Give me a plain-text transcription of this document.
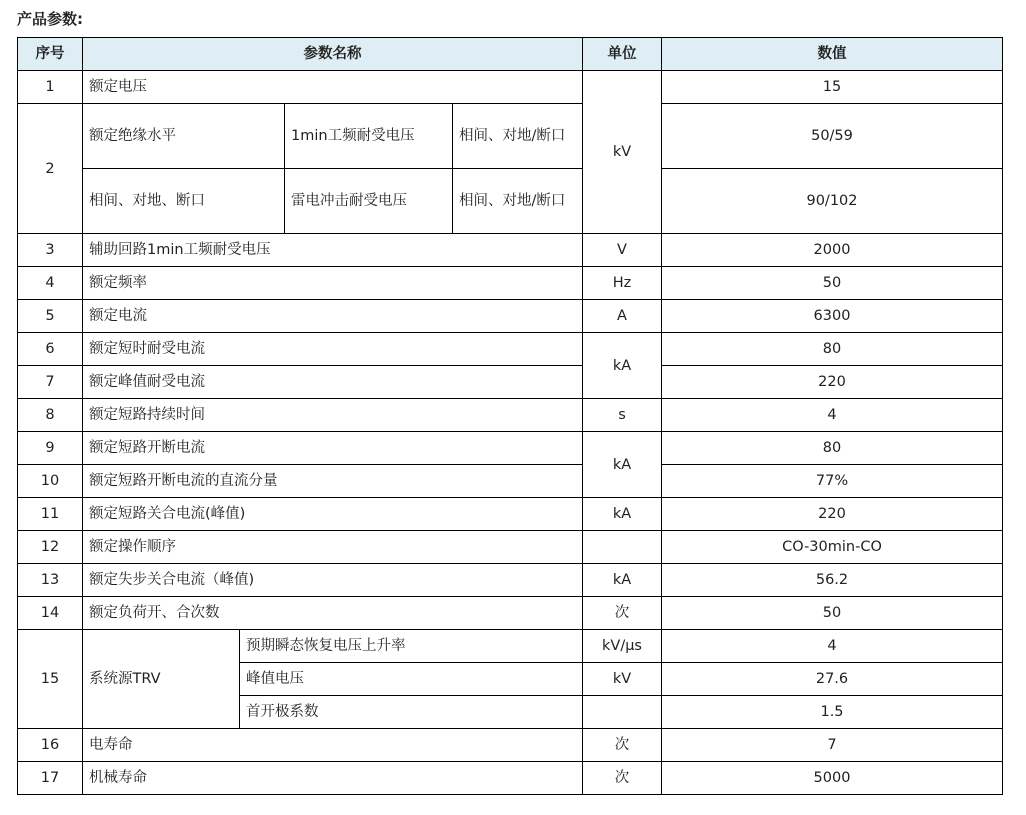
产品参数:
序号	参数名称				单位	数值
1	额定电压				kV	15
2	额定绝缘水平		1min工频耐受电压	相间、对地/断口		50/59
	相间、对地、断口		雷电冲击耐受电压	相间、对地/断口		90/102
3	辅助回路1min工频耐受电压				V	2000
4	额定频率				Hz	50
5	额定电流				A	6300
6	额定短时耐受电流				kA	80
7	额定峰值耐受电流					220
8	额定短路持续时间				s	4
9	额定短路开断电流				kA	80
10	额定短路开断电流的直流分量					77%
11	额定短路关合电流(峰值)				kA	220
12	额定操作顺序					CO-30min-CO
13	额定失步关合电流（峰值)				kA	56.2
14	额定负荷开、合次数				次	50
15	系统源TRV	预期瞬态恢复电压上升率			kV/μs	4
		峰值电压			kV	27.6
		首开极系数				1.5
16	电寿命				次	7
17	机械寿命				次	5000
